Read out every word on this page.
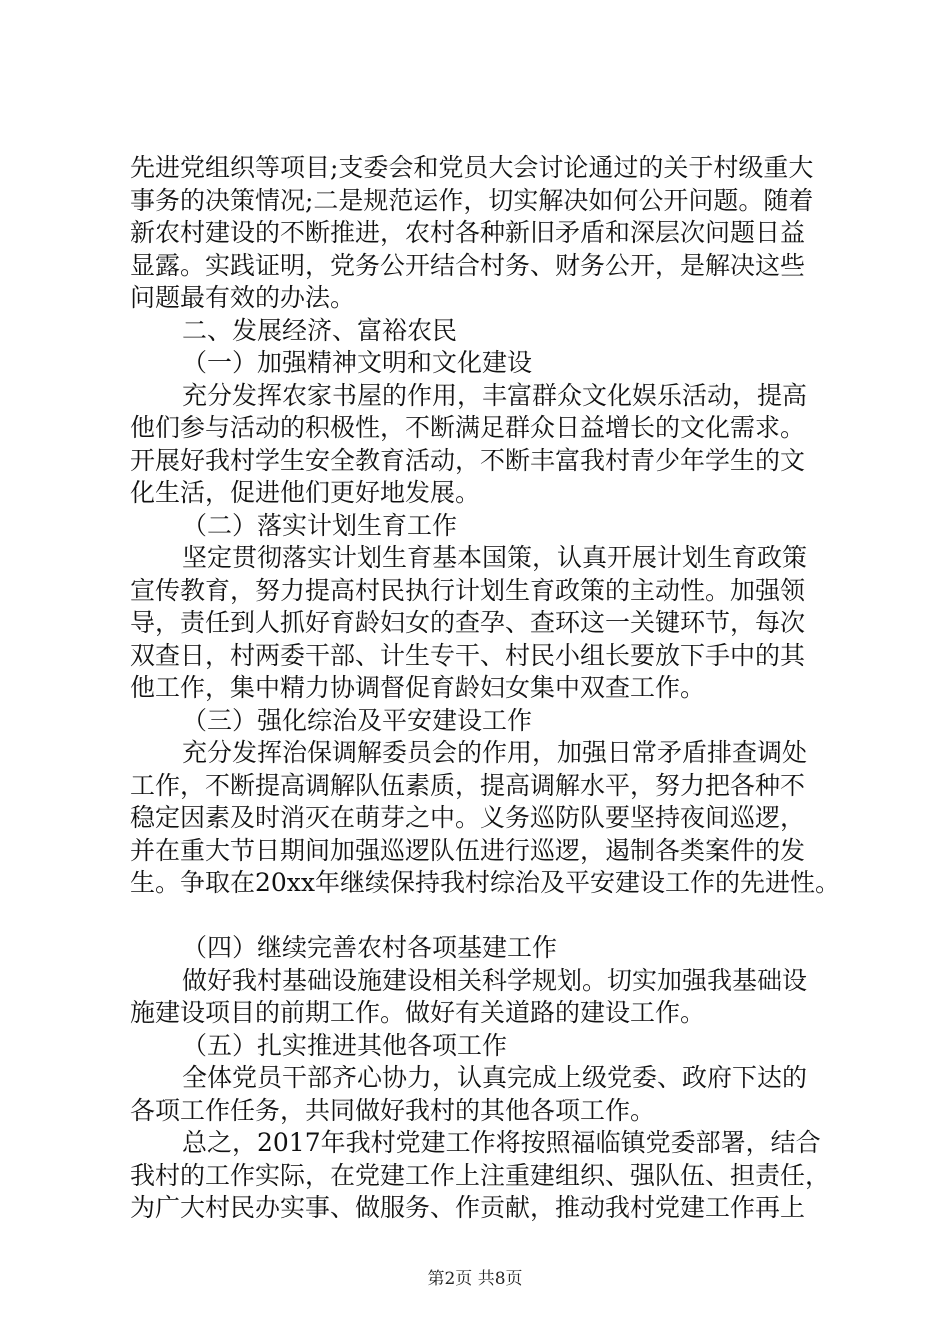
先进党组织等项目;支委会和党员大会讨论通过的关于村级重大
事务的决策情况;二是规范运作，切实解决如何公开问题。随着
新农村建设的不断推进，农村各种新旧矛盾和深层次问题日益
显露。实践证明，党务公开结合村务、财务公开，是解决这些
问题最有效的办法。
二、发展经济、富裕农民
（一）加强精神文明和文化建设
充分发挥农家书屋的作用，丰富群众文化娱乐活动，提高
他们参与活动的积极性，不断满足群众日益增长的文化需求。
开展好我村学生安全教育活动，不断丰富我村青少年学生的文
化生活，促进他们更好地发展。
（二）落实计划生育工作
坚定贯彻落实计划生育基本国策，认真开展计划生育政策
宣传教育，努力提高村民执行计划生育政策的主动性。加强领
导，责任到人抓好育龄妇女的查孕、查环这一关键环节，每次
双查日，村两委干部、计生专干、村民小组长要放下手中的其
他工作，集中精力协调督促育龄妇女集中双查工作。
（三）强化综治及平安建设工作
充分发挥治保调解委员会的作用，加强日常矛盾排查调处
工作，不断提高调解队伍素质，提高调解水平，努力把各种不
稳定因素及时消灭在萌芽之中。义务巡防队要坚持夜间巡逻，
并在重大节日期间加强巡逻队伍进行巡逻，遏制各类案件的发
生。争取在20xx年继续保持我村综治及平安建设工作的先进性。
（四）继续完善农村各项基建工作
做好我村基础设施建设相关科学规划。切实加强我基础设
施建设项目的前期工作。做好有关道路的建设工作。
（五）扎实推进其他各项工作
全体党员干部齐心协力，认真完成上级党委、政府下达的
各项工作任务，共同做好我村的其他各项工作。
总之，2017年我村党建工作将按照福临镇党委部署，结合
我村的工作实际，在党建工作上注重建组织、强队伍、担责任，
为广大村民办实事、做服务、作贡献，推动我村党建工作再上
第2页 共8页
